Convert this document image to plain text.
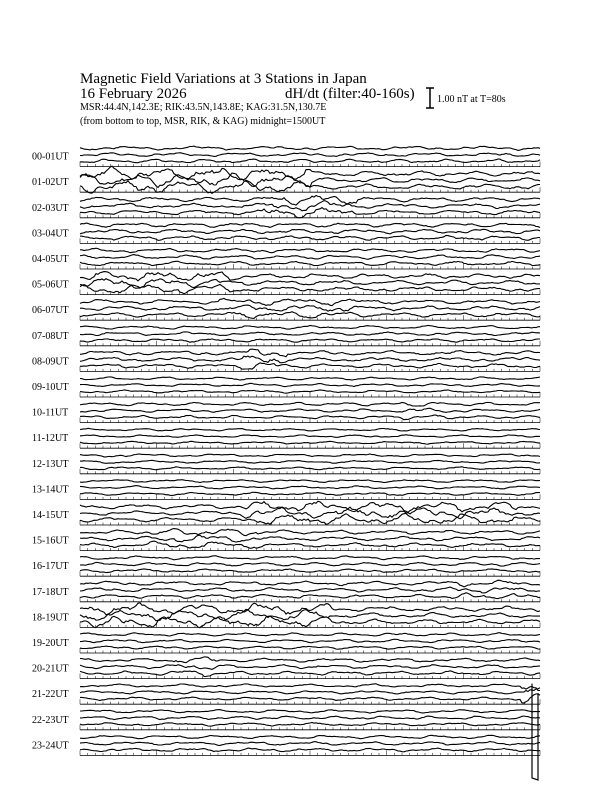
Magnetic Field Variations at 3 Stations in Japan
16 February 2026	dH/dt (filter:40-160s)
MSR:44.4N,142.3E; RIK:43.5N,143.8E; KAG:31.5N,130.7E
(from bottom to top, MSR, RIK, & KAG) midnight=1500UT
1.00 nT at T=80s
00-01UT
01-02UT
02-03UT
03-04UT
04-05UT
05-06UT
06-07UT
07-08UT
08-09UT
09-10UT
10-11UT
11-12UT
12-13UT
13-14UT
14-15UT
15-16UT
16-17UT
17-18UT
18-19UT
19-20UT
20-21UT
21-22UT
22-23UT
23-24UT
